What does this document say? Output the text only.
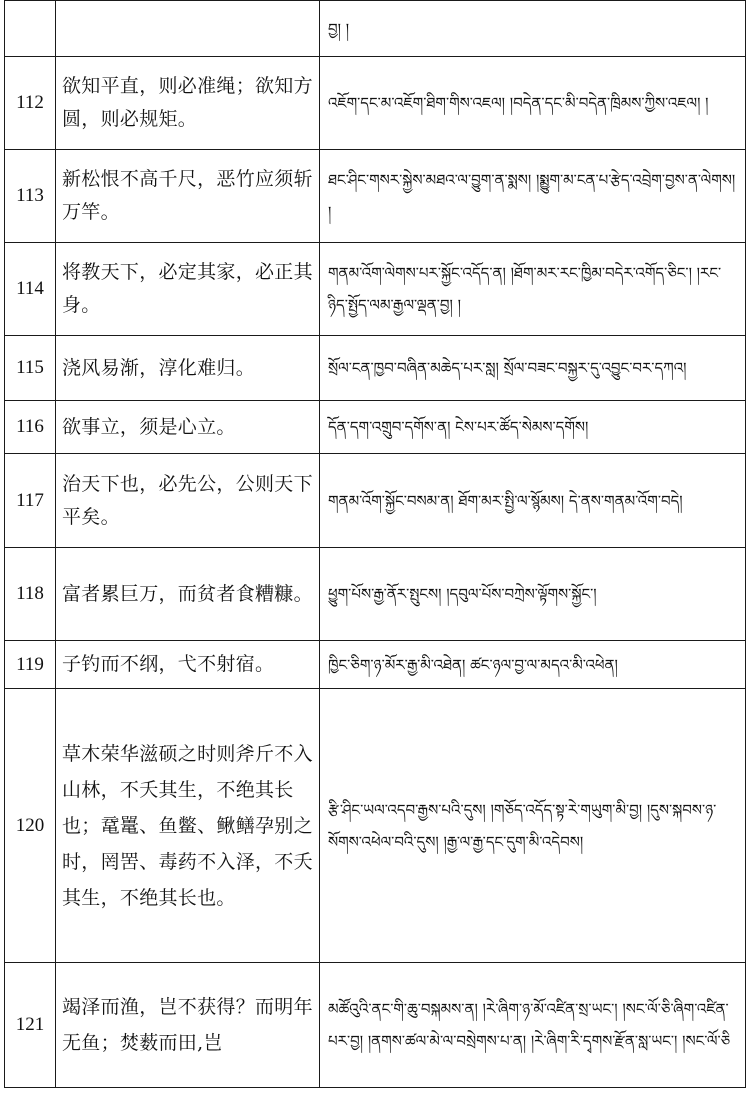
		བྱ། །
112	欲知平直，则必准绳；欲知方圆，则必规矩。	འཇོག་དང་མ་འཇོག་ཐིག་གིས་འཇལ། །བདེན་དང་མི་བདེན་ཁྲིམས་ཀྱིས་འཇལ། །
113	新松恨不高千尺，恶竹应须斩万竿。	ཐང་ཤིང་གསར་སྐྱེས་མཐའ་ལ་བྱུག་ན་སྨས། །སྨྱུག་མ་ངན་པ་རྩེད་འབྲེག་བྱས་ན་ལེགས། །
114	将教天下，必定其家，必正其身。	གནམ་འོག་ལེགས་པར་སྐྱོང་འདོད་ན། །ཐོག་མར་རང་ཁྱིམ་བདེར་འགོད་ཅིང་། །རང་ཉིད་སྤྱོད་ལམ་རྒྱལ་ལྡན་བྱ། །
115	浇风易渐，淳化难归。	སྲོལ་ངན་ཁྱབ་བཞིན་མཆེད་པར་སླ། སྲོལ་བཟང་བསྐྱར་དུ་འབྱུང་བར་དཀའ།
116	欲事立，须是心立。	དོན་དག་འགྲུབ་དགོས་ན། ངེས་པར་ཚོད་སེམས་དགོས།
117	治天下也，必先公，公则天下平矣。	གནམ་འོག་སྐྱོང་བསམ་ན། ཐོག་མར་སྤྱི་ལ་སྙོམས། དེ་ནས་གནམ་འོག་བདེ།
118	富者累巨万，而贫者食糟糠。	ཕྱུག་པོས་རྒྱ་ནོར་སྤུངས། །དབུལ་པོས་བཀྲེས་ལྟོགས་སྐྱོང་།
119	子钓而不纲，弋不射宿。	ཁྱིང་ཅིག་ཉ་མོར་རྒྱ་མི་འཐེན། ཚང་ཉལ་བྱ་ལ་མདའ་མི་འཕེན།
120	草木荣华滋硕之时则斧斤不入山林，不夭其生，不绝其长也；鼋鼍、鱼鳖、鳅鳝孕别之时，罔罟、毒药不入泽，不夭其生，不绝其长也。	རྩི་ཤིང་ཡལ་འདབ་རྒྱས་པའི་དུས། །གཅོད་འདོད་སྟ་རེ་གཡུག་མི་བྱ། །དུས་སྐབས་ཉ་སོགས་འཕེལ་བའི་དུས། །རྒྱ་ལ་རྒྱ་དང་དུག་མི་འདེབས།
121	竭泽而渔，岂不获得？而明年无鱼；焚薮而田,岂	མཚོའུའི་ནང་གི་ཆུ་བསྐམས་ན། །རེ་ཞིག་ཉ་མོ་འཛིན་སྲ་ཡང་། །སང་ལོ་ཅི་ཞིག་འཛིན་པར་བྱ། །ནགས་ཚལ་མེ་ལ་བསྲེགས་པ་ན། །རེ་ཞིག་རི་དྭགས་རྫོན་སླ་ཡང་། །སང་ལོ་ཅི
